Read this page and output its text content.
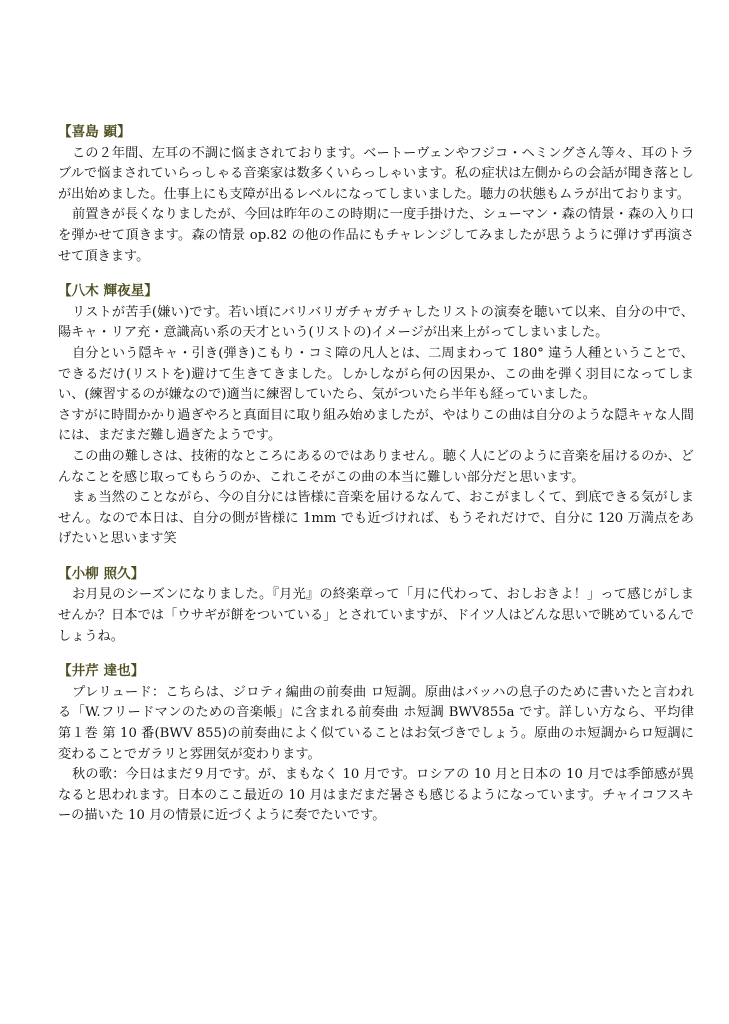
【喜島 顕】

この２年間、左耳の不調に悩まされております。ベートーヴェンやフジコ・ヘミングさん等々、耳のトラブルで悩まされていらっしゃる音楽家は数多くいらっしゃいます。私の症状は左側からの会話が聞き落としが出始めました。仕事上にも支障が出るレベルになってしまいました。聴力の状態もムラが出ております。

前置きが長くなりましたが、今回は昨年のこの時期に一度手掛けた、シューマン・森の情景・森の入り口を弾かせて頂きます。森の情景 op.82 の他の作品にもチャレンジしてみましたが思うように弾けず再演させて頂きます。

【八木 輝夜星】

リストが苦手(嫌い)です。若い頃にバリバリガチャガチャしたリストの演奏を聴いて以来、自分の中で、陽キャ・リア充・意識高い系の天才という(リストの)イメージが出来上がってしまいました。

自分という隠キャ・引き(弾き)こもり・コミ障の凡人とは、二周まわって 180° 違う人種ということで、できるだけ(リストを)避けて生きてきました。しかしながら何の因果か、この曲を弾く羽目になってしまい、(練習するのが嫌なので)適当に練習していたら、気がついたら半年も経っていました。

さすがに時間かかり過ぎやろと真面目に取り組み始めましたが、やはりこの曲は自分のような隠キャな人間には、まだまだ難し過ぎたようです。

この曲の難しさは、技術的なところにあるのではありません。聴く人にどのように音楽を届けるのか、どんなことを感じ取ってもらうのか、これこそがこの曲の本当に難しい部分だと思います。

まぁ当然のことながら、今の自分には皆様に音楽を届けるなんて、おこがましくて、到底できる気がしません。なので本日は、自分の側が皆様に 1mm でも近づければ、もうそれだけで、自分に 120 万満点をあげたいと思います笑

【小柳 照久】

お月見のシーズンになりました。『月光』の終楽章って「月に代わって、おしおきよ！」って感じがしませんか？日本では「ウサギが餅をついている」とされていますが、ドイツ人はどんな思いで眺めているんでしょうね。

【井芹 達也】

プレリュード：こちらは、ジロティ編曲の前奏曲 ロ短調。原曲はバッハの息子のために書いたと言われる「W.フリードマンのための音楽帳」に含まれる前奏曲 ホ短調 BWV855a です。詳しい方なら、平均律 第１巻 第 10 番(BWV 855)の前奏曲によく似ていることはお気づきでしょう。原曲のホ短調からロ短調に変わることでガラリと雰囲気が変わります。

秋の歌：今日はまだ９月です。が、まもなく 10 月です。ロシアの 10 月と日本の 10 月では季節感が異なると思われます。日本のここ最近の 10 月はまだまだ暑さも感じるようになっています。チャイコフスキーの描いた 10 月の情景に近づくように奏でたいです。
